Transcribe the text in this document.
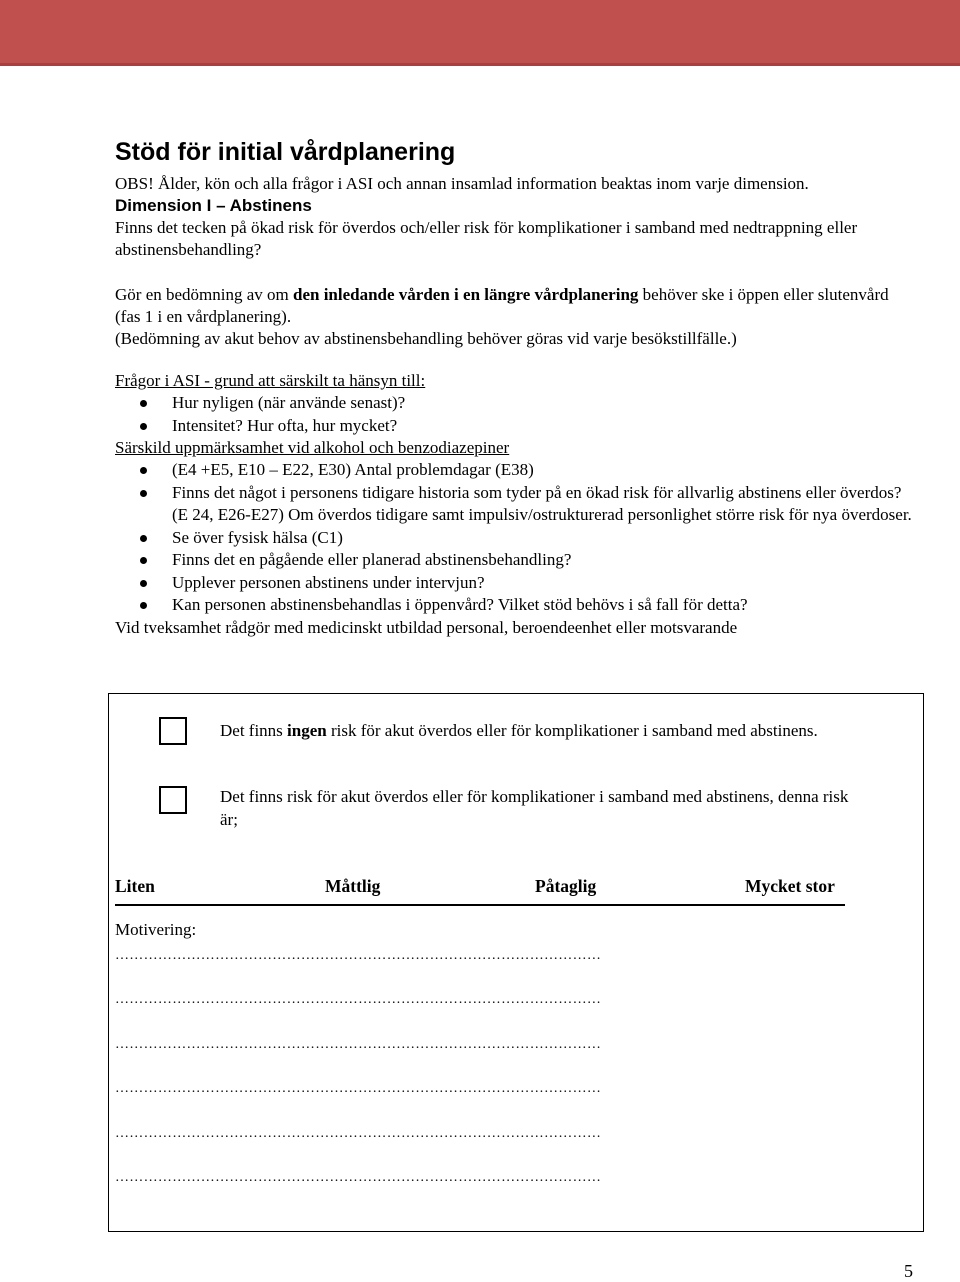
Stöd för initial vårdplanering

OBS! Ålder, kön och alla frågor i ASI och annan insamlad information beaktas inom varje dimension.

Dimension I – Abstinens

Finns det tecken på ökad risk för överdos och/eller risk för komplikationer i samband med nedtrappning eller abstinensbehandling?

Gör en bedömning av om den inledande vården i en längre vårdplanering behöver ske i öppen eller slutenvård (fas 1 i en vårdplanering).

(Bedömning av akut behov av abstinensbehandling behöver göras vid varje besökstillfälle.)

Frågor i ASI - grund att särskilt ta hänsyn till:

Hur nyligen (när använde senast)?
Intensitet? Hur ofta, hur mycket?

Särskild uppmärksamhet vid alkohol och benzodiazepiner

(E4 +E5, E10 – E22, E30) Antal problemdagar (E38)
Finns det något i personens tidigare historia som tyder på en ökad risk för allvarlig abstinens eller överdos? (E 24, E26-E27) Om överdos tidigare samt impulsiv/ostrukturerad personlighet större risk för nya överdoser.
Se över fysisk hälsa (C1)
Finns det en pågående eller planerad abstinensbehandling?
Upplever personen abstinens under intervjun?
Kan personen abstinensbehandlas i öppenvård? Vilket stöd behövs i så fall för detta?

Vid tveksamhet rådgör med medicinskt utbildad personal, beroendeenhet eller motsvarande

Det finns ingen risk för akut överdos eller för komplikationer i samband med abstinens.
Det finns risk för akut överdos eller för komplikationer i samband med abstinens, denna risk är;
Liten	Måttlig	Påtaglig	Mycket stor
Motivering:
…………………………………………………………………………………………
…………………………………………………………………………………………
…………………………………………………………………………………………
…………………………………………………………………………………………
…………………………………………………………………………………………
…………………………………………………………………………………………
5
